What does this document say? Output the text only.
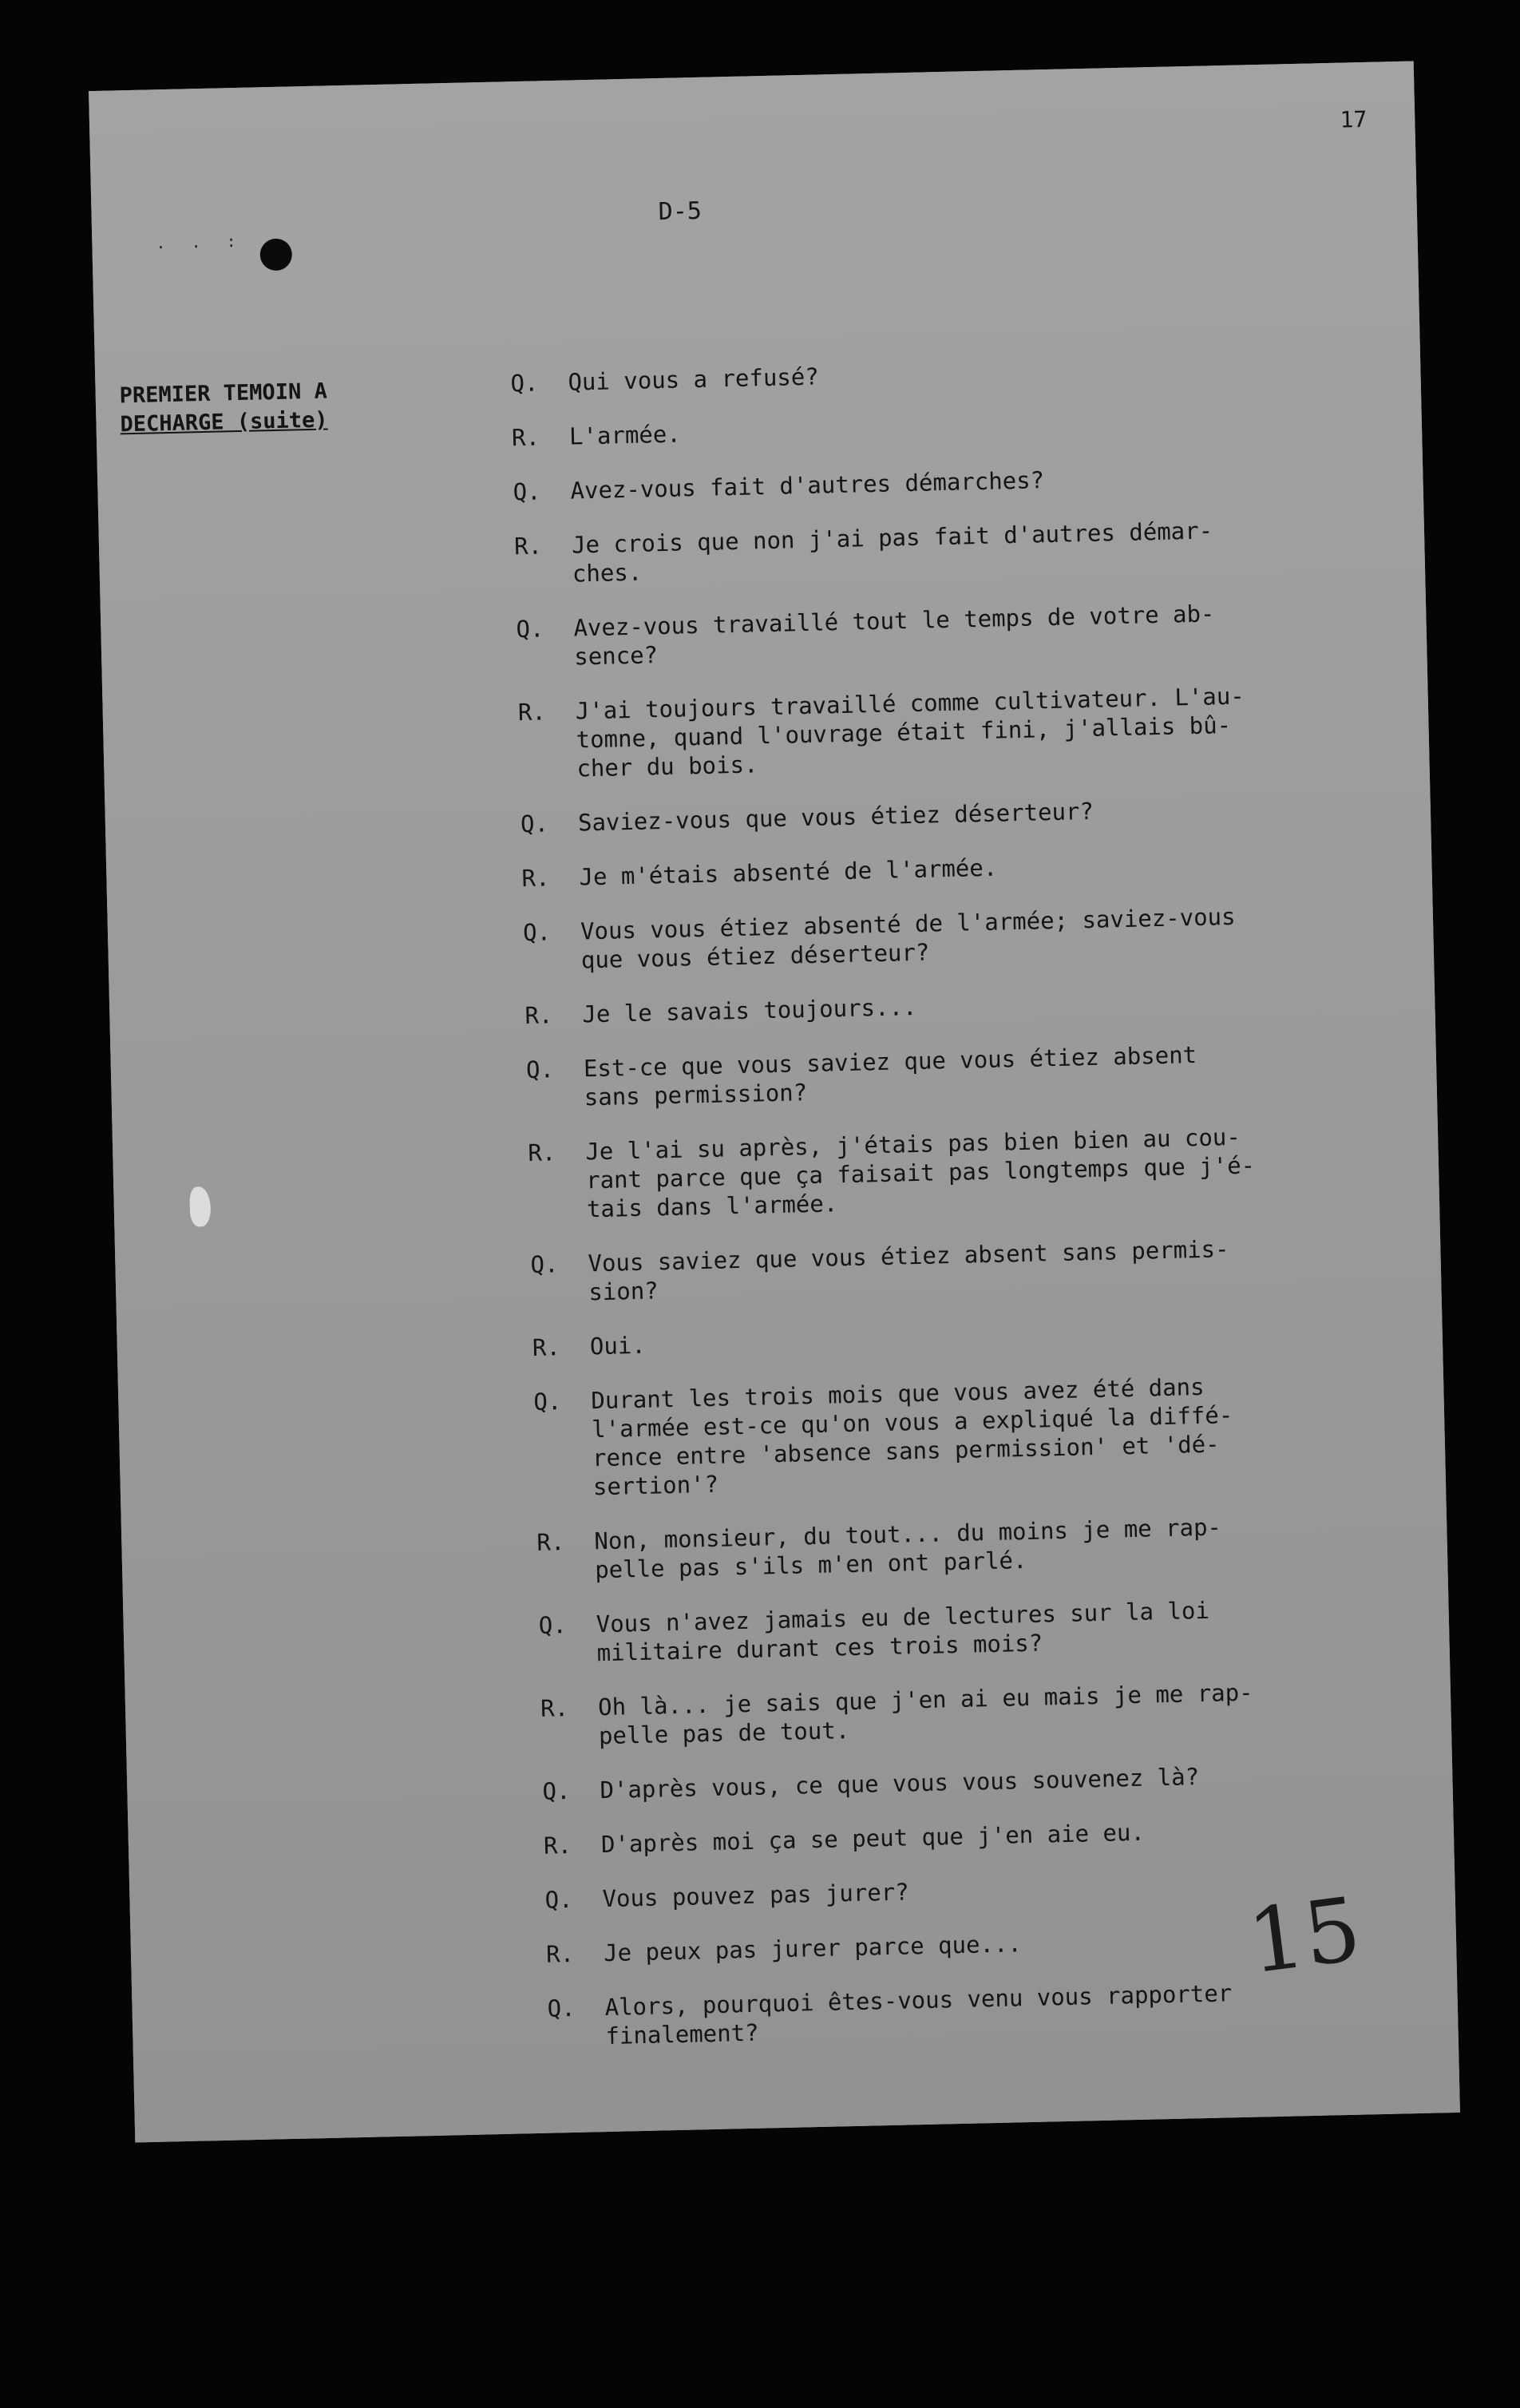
17
. . :
D-5
PREMIER TEMOIN A
DECHARGE (suite)
Q.	Qui vous a refusé?
R.	L'armée.
Q.	Avez-vous fait d'autres démarches?
R.	Je crois que non j'ai pas fait d'autres démar-
ches.
Q.	Avez-vous travaillé tout le temps de votre ab-
sence?
R.	J'ai toujours travaillé comme cultivateur. L'au-
tomne, quand l'ouvrage était fini, j'allais bû-
cher du bois.
Q.	Saviez-vous que vous étiez déserteur?
R.	Je m'étais absenté de l'armée.
Q.	Vous vous étiez absenté de l'armée; saviez-vous
que vous étiez déserteur?
R.	Je le savais toujours...
Q.	Est-ce que vous saviez que vous étiez absent
sans permission?
R.	Je l'ai su après, j'étais pas bien bien au cou-
rant parce que ça faisait pas longtemps que j'é-
tais dans l'armée.
Q.	Vous saviez que vous étiez absent sans permis-
sion?
R.	Oui.
Q.	Durant les trois mois que vous avez été dans
l'armée est-ce qu'on vous a expliqué la diffé-
rence entre 'absence sans permission' et 'dé-
sertion'?
R.	Non, monsieur, du tout... du moins je me rap-
pelle pas s'ils m'en ont parlé.
Q.	Vous n'avez jamais eu de lectures sur la loi
militaire durant ces trois mois?
R.	Oh là... je sais que j'en ai eu mais je me rap-
pelle pas de tout.
Q.	D'après vous, ce que vous vous souvenez là?
R.	D'après moi ça se peut que j'en aie eu.
Q.	Vous pouvez pas jurer?
R.	Je peux pas jurer parce que...
Q.	Alors, pourquoi êtes-vous venu vous rapporter
finalement?
15
